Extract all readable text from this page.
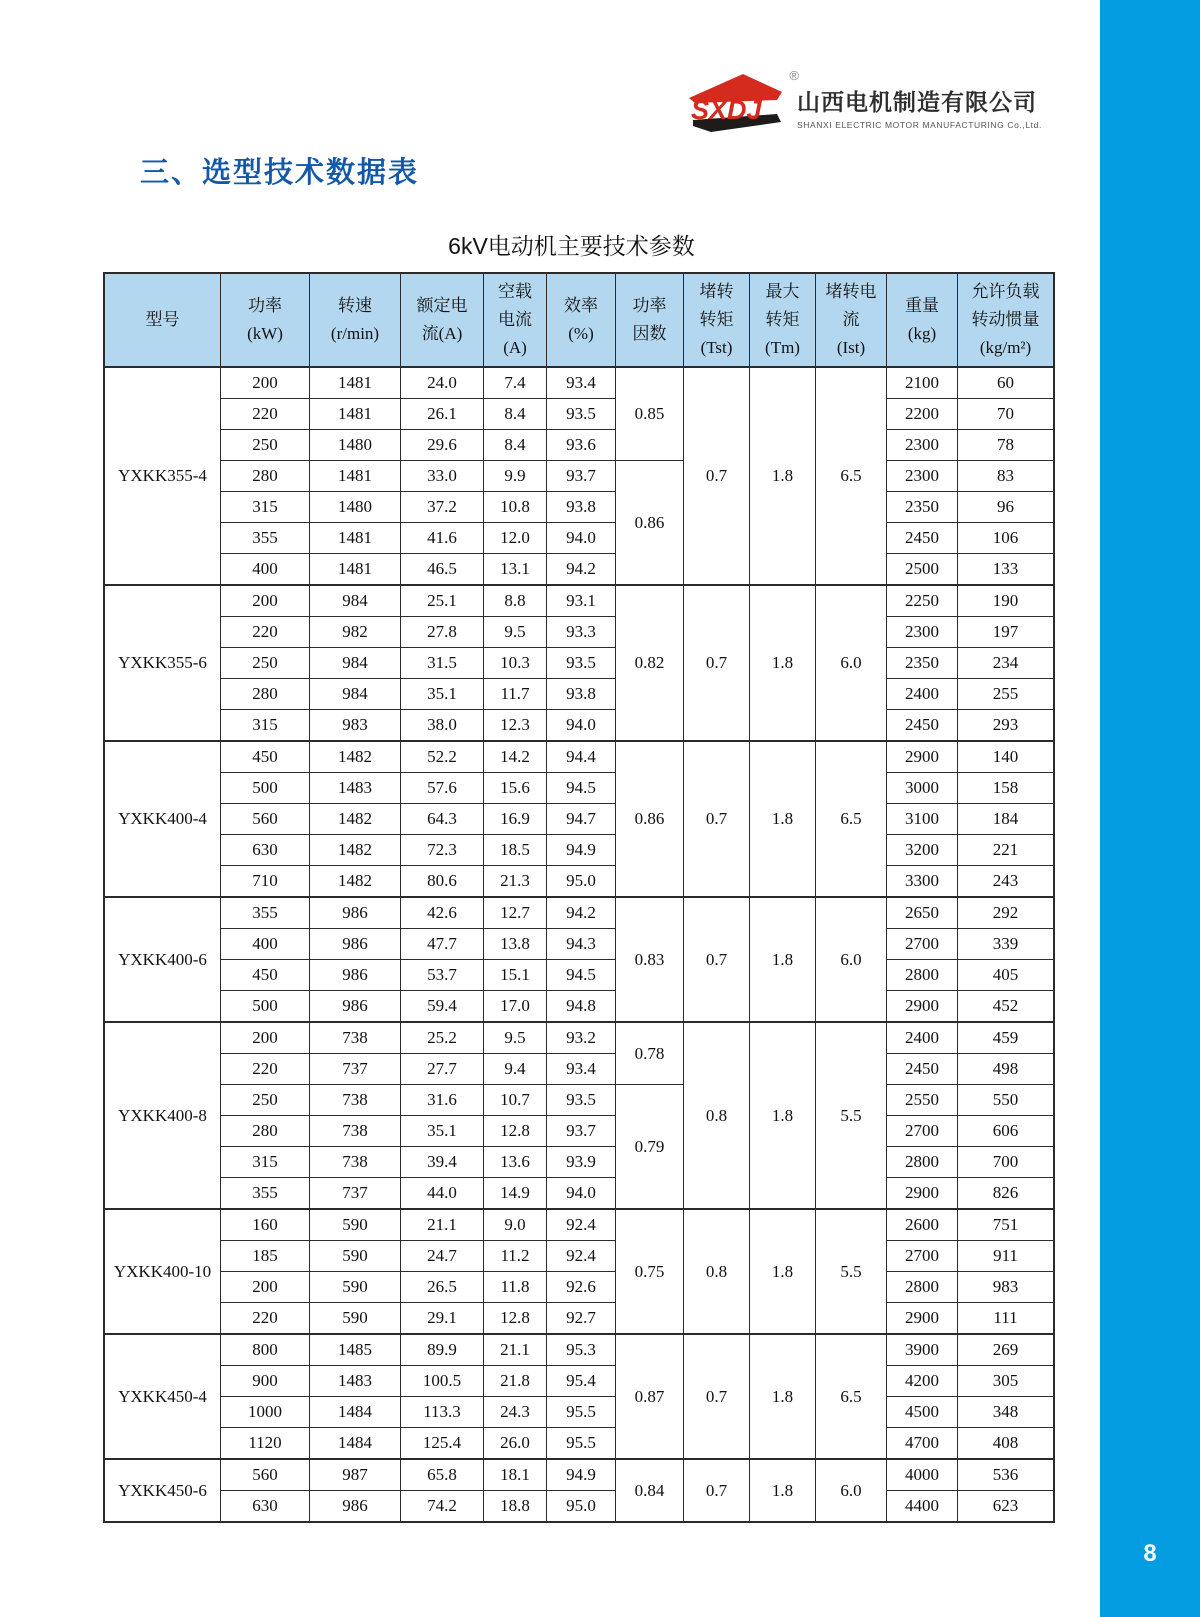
8
SXDJ
®
山西电机制造有限公司
SHANXI ELECTRIC MOTOR MANUFACTURING Co.,Ltd.
三、选型技术数据表
6kV电动机主要技术参数
型号

功率
(kW)

转速
(r/min)

额定电
流(A)

空载
电流
(A)

效率
(%)

功率
因数

堵转
转矩
(Tst)

最大
转矩
(Tm)

堵转电
流
(Ist)

重量
(kg)

允许负载
转动惯量
(kg/m²)

YXKK355-4	200	1481	24.0	7.4	93.4	0.85	0.7	1.8	6.5	2100	60
	220	1481	26.1	8.4	93.5					2200	70
	250	1480	29.6	8.4	93.6					2300	78
	280	1481	33.0	9.9	93.7	0.86				2300	83
	315	1480	37.2	10.8	93.8					2350	96
	355	1481	41.6	12.0	94.0					2450	106
	400	1481	46.5	13.1	94.2					2500	133
YXKK355-6	200	984	25.1	8.8	93.1	0.82	0.7	1.8	6.0	2250	190
	220	982	27.8	9.5	93.3					2300	197
	250	984	31.5	10.3	93.5					2350	234
	280	984	35.1	11.7	93.8					2400	255
	315	983	38.0	12.3	94.0					2450	293
YXKK400-4	450	1482	52.2	14.2	94.4	0.86	0.7	1.8	6.5	2900	140
	500	1483	57.6	15.6	94.5					3000	158
	560	1482	64.3	16.9	94.7					3100	184
	630	1482	72.3	18.5	94.9					3200	221
	710	1482	80.6	21.3	95.0					3300	243
YXKK400-6	355	986	42.6	12.7	94.2	0.83	0.7	1.8	6.0	2650	292
	400	986	47.7	13.8	94.3					2700	339
	450	986	53.7	15.1	94.5					2800	405
	500	986	59.4	17.0	94.8					2900	452
YXKK400-8	200	738	25.2	9.5	93.2	0.78	0.8	1.8	5.5	2400	459
	220	737	27.7	9.4	93.4					2450	498
	250	738	31.6	10.7	93.5	0.79				2550	550
	280	738	35.1	12.8	93.7					2700	606
	315	738	39.4	13.6	93.9					2800	700
	355	737	44.0	14.9	94.0					2900	826
YXKK400-10	160	590	21.1	9.0	92.4	0.75	0.8	1.8	5.5	2600	751
	185	590	24.7	11.2	92.4					2700	911
	200	590	26.5	11.8	92.6					2800	983
	220	590	29.1	12.8	92.7					2900	111
YXKK450-4	800	1485	89.9	21.1	95.3	0.87	0.7	1.8	6.5	3900	269
	900	1483	100.5	21.8	95.4					4200	305
	1000	1484	113.3	24.3	95.5					4500	348
	1120	1484	125.4	26.0	95.5					4700	408
YXKK450-6	560	987	65.8	18.1	94.9	0.84	0.7	1.8	6.0	4000	536
	630	986	74.2	18.8	95.0					4400	623
